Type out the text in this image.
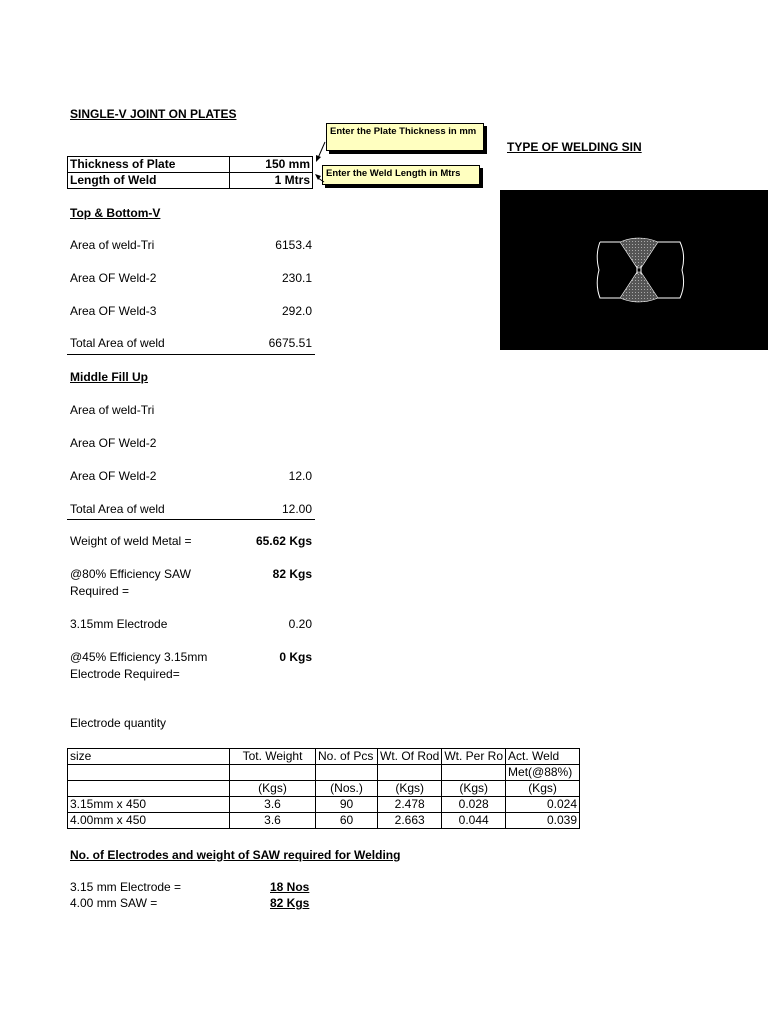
SINGLE-V JOINT ON PLATES
Enter the Plate Thickness in mm
Enter the Weld Length in Mtrs
TYPE OF WELDING SIN
Thickness of Plate	150 mm
Length of Weld	1 Mtrs
Top & Bottom-V
Area of weld-Tri	6153.4
Area OF Weld-2	230.1
Area OF Weld-3	292.0
Total Area of weld	6675.51
Middle Fill Up
Area of weld-Tri
Area OF Weld-2
Area OF Weld-2	12.0
Total Area of weld	12.00
Weight of weld Metal =	65.62 Kgs
@80% Efficiency SAW	82 Kgs
Required =
3.15mm Electrode	0.20
@45% Efficiency 3.15mm	0 Kgs
Electrode Required=
Electrode quantity
size	Tot. Weight	No. of Pcs	Wt. Of Rod	Wt. Per Ro	Act. Weld
					Met(@88%)
	(Kgs)	(Nos.)	(Kgs)	(Kgs)	(Kgs)
3.15mm x 450	3.6	90	2.478	0.028	0.024
4.00mm x 450	3.6	60	2.663	0.044	0.039
No. of Electrodes and weight of SAW required for Welding
3.15 mm Electrode =	18 Nos
4.00 mm SAW =	82 Kgs
